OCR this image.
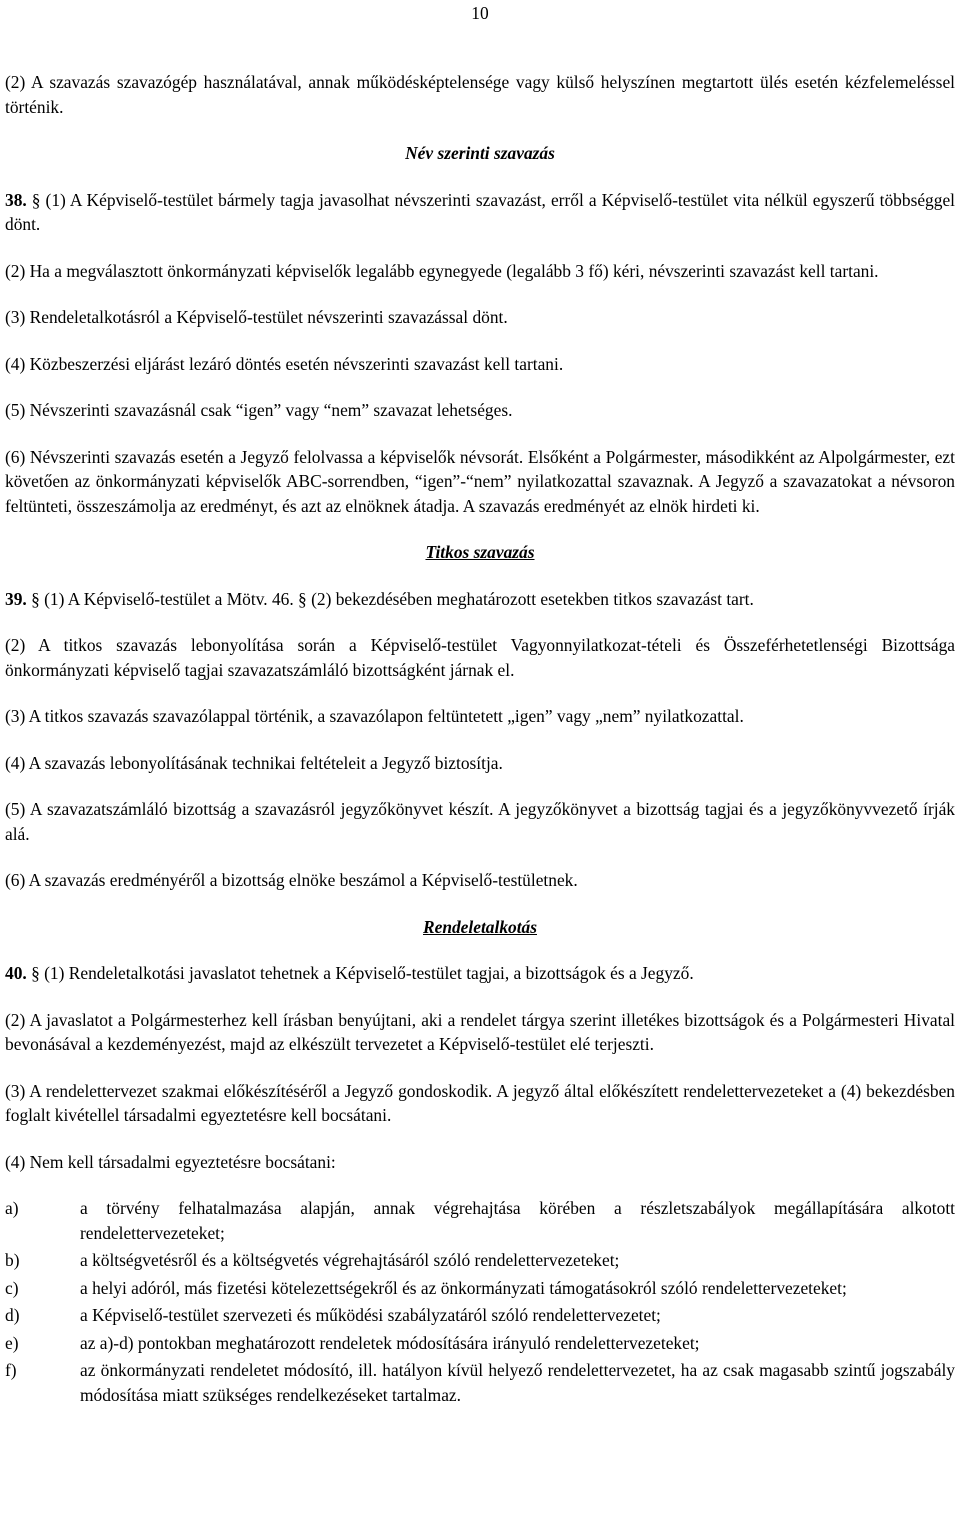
10

(2) A szavazás szavazógép használatával, annak működésképtelensége vagy külső helyszínen megtartott ülés esetén kézfelemeléssel történik.

Név szerinti szavazás

38. § (1) A Képviselő-testület bármely tagja javasolhat névszerinti szavazást, erről a Képviselő-testület vita nélkül egyszerű többséggel dönt.

(2) Ha a megválasztott önkormányzati képviselők legalább egynegyede (legalább 3 fő) kéri, névszerinti szavazást kell tartani.

(3) Rendeletalkotásról a Képviselő-testület névszerinti szavazással dönt.

(4) Közbeszerzési eljárást lezáró döntés esetén névszerinti szavazást kell tartani.

(5) Névszerinti szavazásnál csak “igen” vagy “nem” szavazat lehetséges.

(6) Névszerinti szavazás esetén a Jegyző felolvassa a képviselők névsorát. Elsőként a Polgármester, másodikként az Alpolgármester, ezt követően az önkormányzati képviselők ABC-sorrendben, “igen”-“nem” nyilatkozattal szavaznak. A Jegyző a szavazatokat a névsoron feltünteti, összeszámolja az eredményt, és azt az elnöknek átadja. A szavazás eredményét az elnök hirdeti ki.

Titkos szavazás

39. § (1) A Képviselő-testület a Mötv. 46. § (2) bekezdésében meghatározott esetekben titkos szavazást tart.

(2) A titkos szavazás lebonyolítása során a Képviselő-testület Vagyonnyilatkozat-tételi és Összeférhetetlenségi Bizottsága önkormányzati képviselő tagjai szavazatszámláló bizottságként járnak el.

(3) A titkos szavazás szavazólappal történik, a szavazólapon feltüntetett „igen” vagy „nem” nyilatkozattal.

(4) A szavazás lebonyolításának technikai feltételeit a Jegyző biztosítja.

(5) A szavazatszámláló bizottság a szavazásról jegyzőkönyvet készít. A jegyzőkönyvet a bizottság tagjai és a jegyzőkönyvvezető írják alá.

(6) A szavazás eredményéről a bizottság elnöke beszámol a Képviselő-testületnek.

Rendeletalkotás

40. § (1) Rendeletalkotási javaslatot tehetnek a Képviselő-testület tagjai, a bizottságok és a Jegyző.

(2) A javaslatot a Polgármesterhez kell írásban benyújtani, aki a rendelet tárgya szerint illetékes bizottságok és a Polgármesteri Hivatal bevonásával a kezdeményezést, majd az elkészült tervezetet a Képviselő-testület elé terjeszti.

(3) A rendelettervezet szakmai előkészítéséről a Jegyző gondoskodik. A jegyző által előkészített rendelettervezeteket a (4) bekezdésben foglalt kivétellel társadalmi egyeztetésre kell bocsátani.

(4) Nem kell társadalmi egyeztetésre bocsátani:

a)	a törvény felhatalmazása alapján, annak végrehajtása körében a részletszabályok megállapítására alkotott rendelettervezeteket;
b)	a költségvetésről és a költségvetés végrehajtásáról szóló rendelettervezeteket;
c)	a helyi adóról, más fizetési kötelezettségekről és az önkormányzati támogatásokról szóló rendelettervezeteket;
d)	a Képviselő-testület szervezeti és működési szabályzatáról szóló rendelettervezetet;
e)	az a)-d) pontokban meghatározott rendeletek módosítására irányuló rendelettervezeteket;
f)	az önkormányzati rendeletet módosító, ill. hatályon kívül helyező rendelettervezetet, ha az csak magasabb szintű jogszabály módosítása miatt szükséges rendelkezéseket tartalmaz.
